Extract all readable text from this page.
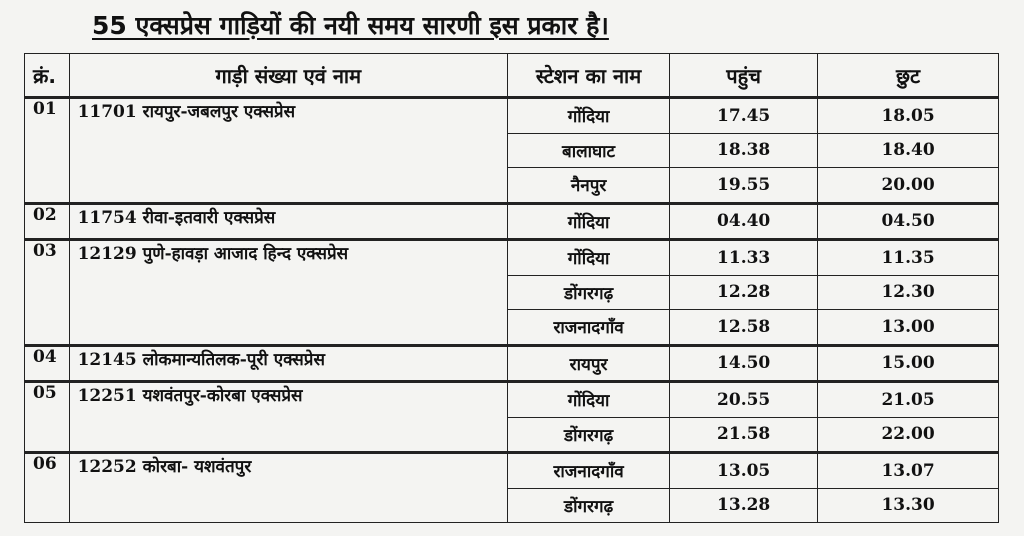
55 एक्सप्रेस गाड़ियों की नयी समय सारणी इस प्रकार है।
क्रं.	गाड़ी संख्या एवं नाम	स्टेशन का नाम	पहुंच	छुट
01	11701 रायपुर-जबलपुर एक्सप्रेस	गोंदिया	17.45	18.05
		बालाघाट	18.38	18.40
		नैनपुर	19.55	20.00
02	11754 रीवा-इतवारी एक्सप्रेस	गोंदिया	04.40	04.50
03	12129 पुणे-हावड़ा आजाद हिन्द एक्सप्रेस	गोंदिया	11.33	11.35
		डोंगरगढ़	12.28	12.30
		राजनादगाँव	12.58	13.00
04	12145 लोकमान्यतिलक-पूरी एक्सप्रेस	रायपुर	14.50	15.00
05	12251 यशवंतपुर-कोरबा एक्सप्रेस	गोंदिया	20.55	21.05
		डोंगरगढ़	21.58	22.00
06	12252 कोरबा- यशवंतपुर	राजनादगाँव	13.05	13.07
		डोंगरगढ़	13.28	13.30
